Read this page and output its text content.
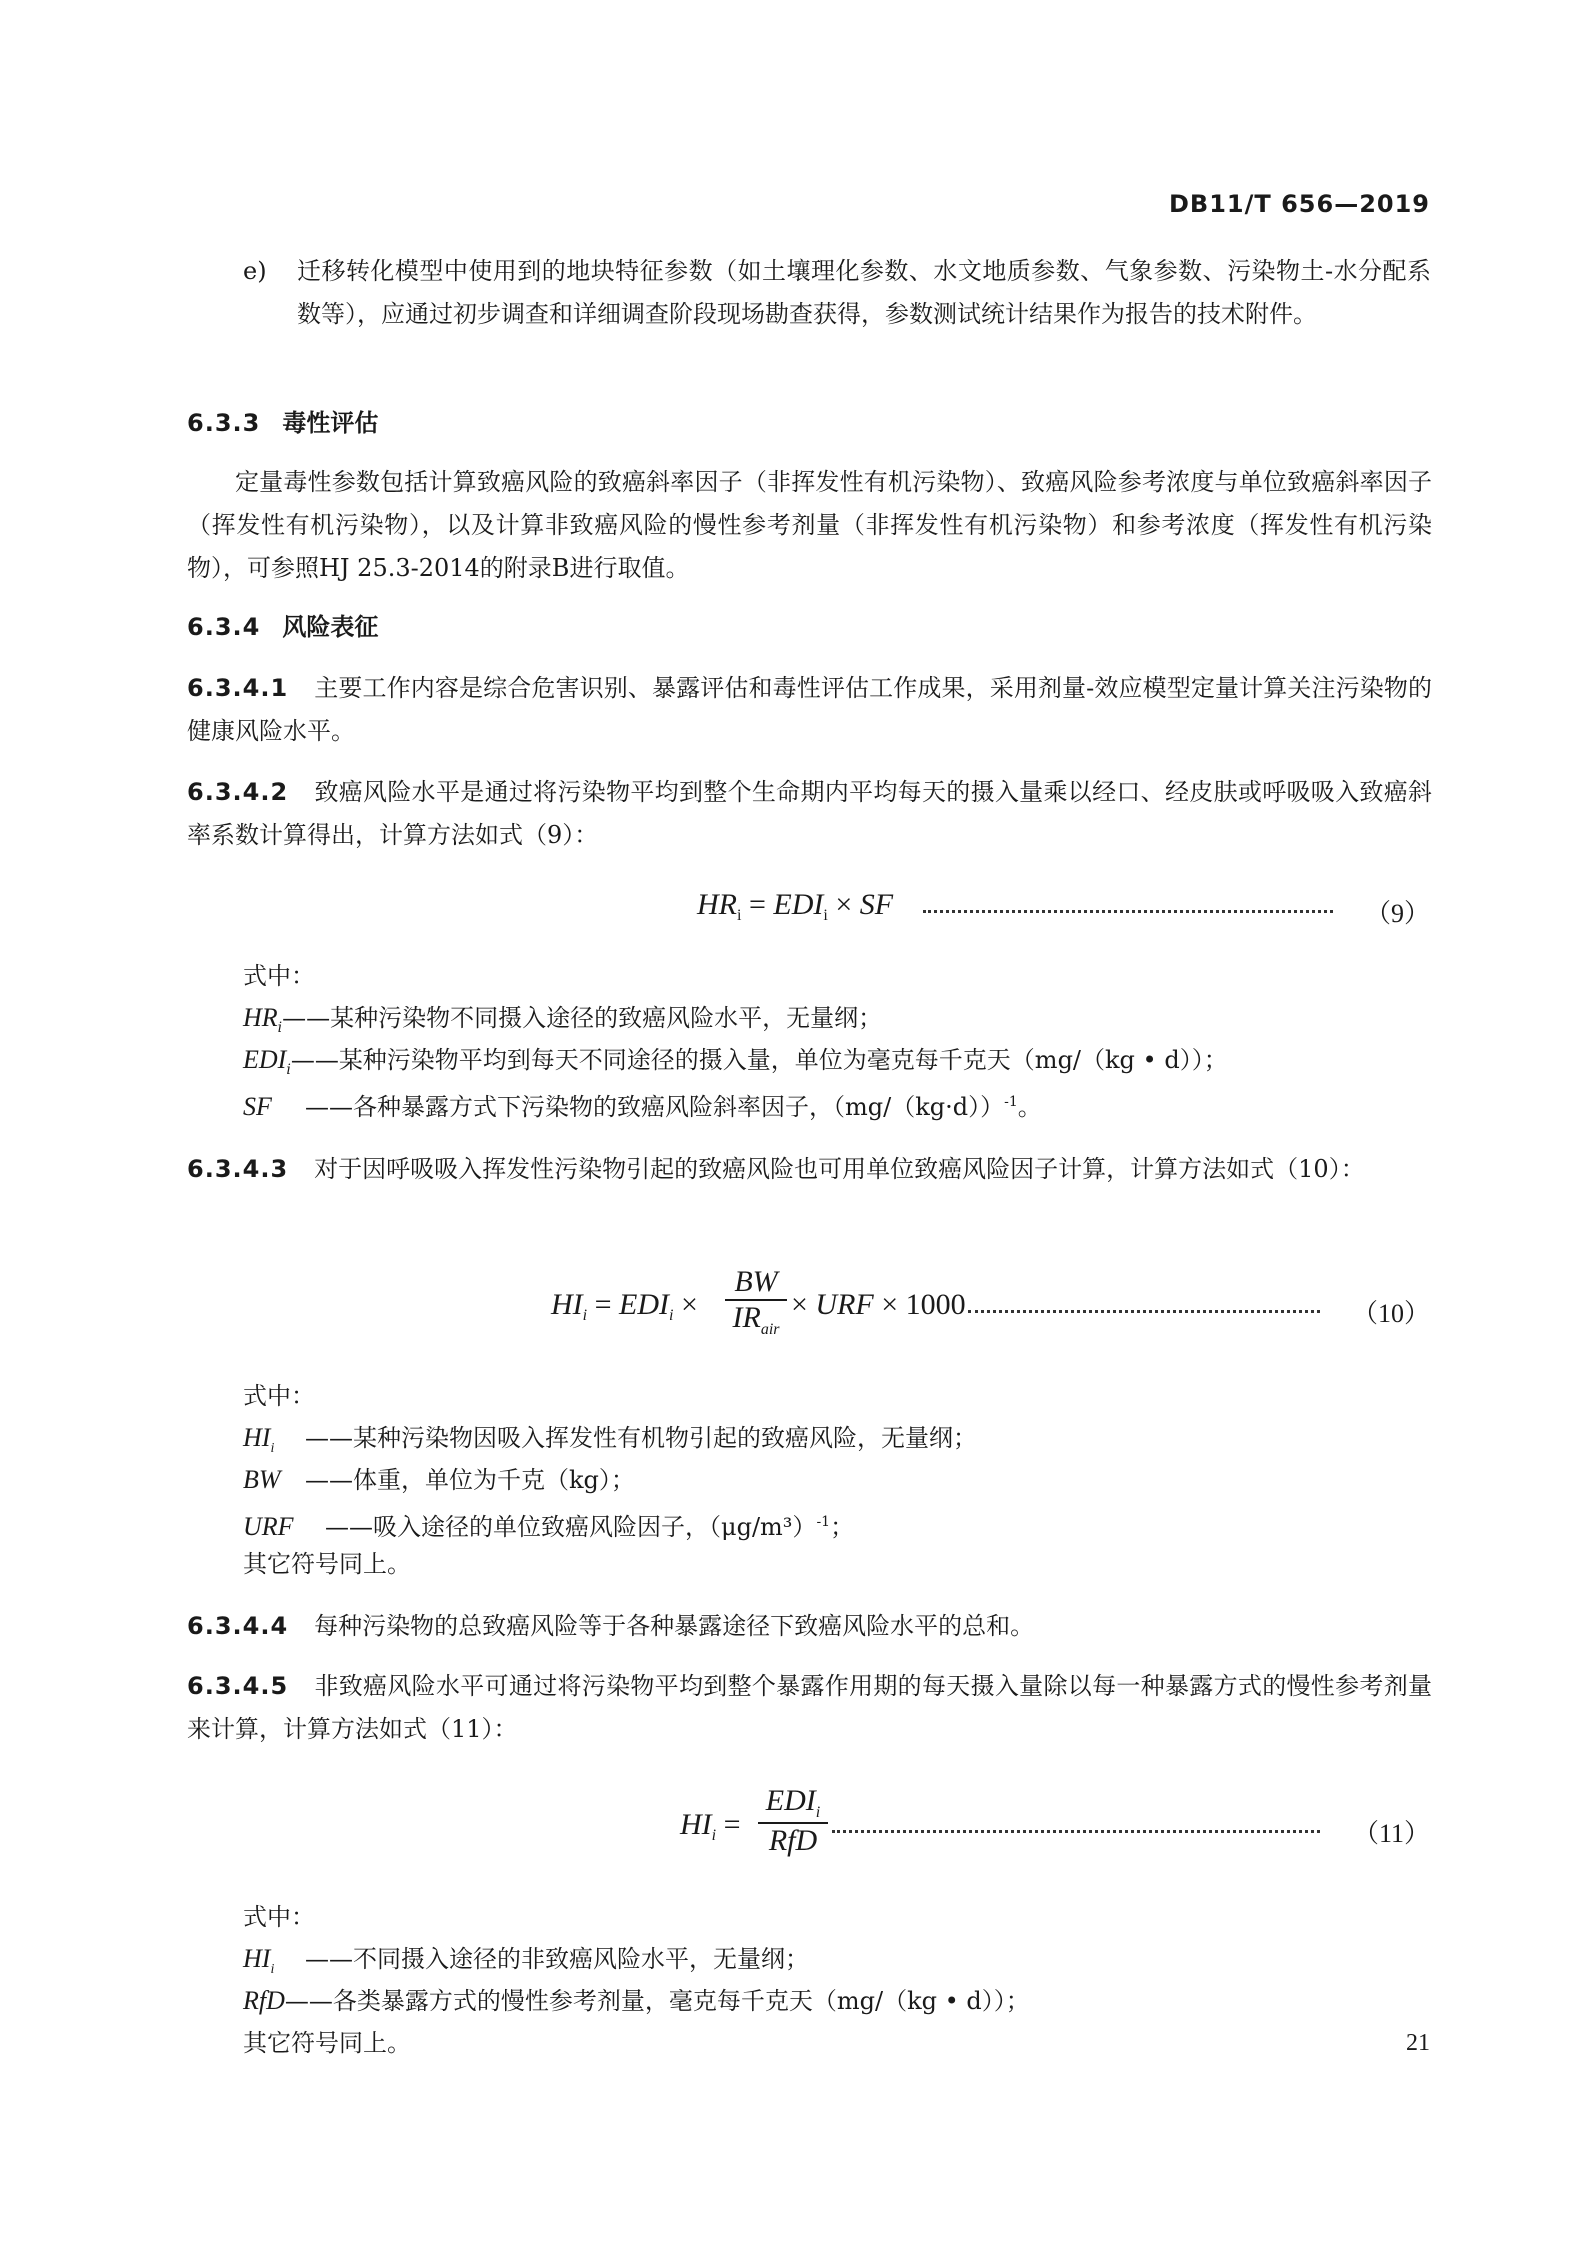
DB11/T 656—2019
e) 迁移转化模型中使用到的地块特征参数（如土壤理化参数、水文地质参数、气象参数、污染物土-水分配系数等），应通过初步调查和详细调查阶段现场勘查获得，参数测试统计结果作为报告的技术附件。
6.3.3 毒性评估
定量毒性参数包括计算致癌风险的致癌斜率因子（非挥发性有机污染物）、致癌风险参考浓度与单位致癌斜率因子（挥发性有机污染物），以及计算非致癌风险的慢性参考剂量（非挥发性有机污染物）和参考浓度（挥发性有机污染物），可参照HJ 25.3-2014的附录B进行取值。
6.3.4 风险表征
6.3.4.1 主要工作内容是综合危害识别、暴露评估和毒性评估工作成果，采用剂量-效应模型定量计算关注污染物的健康风险水平。
6.3.4.2 致癌风险水平是通过将污染物平均到整个生命期内平均每天的摄入量乘以经口、经皮肤或呼吸吸入致癌斜率系数计算得出，计算方法如式（9）：
$HR_i = EDI_i$ × SF	（9）
式中：
$HR_i——$某种污染物不同摄入途径的致癌风险水平，无量纲；
$EDI_i——$某种污染物平均到每天不同途径的摄入量，单位为毫克每千克天（mg/（kg • d））；
SF ——各种暴露方式下污染物的致癌风险斜率因子，$(mg/(kg\cdot d))^{-1}$。
6.3.4.3 对于因呼吸吸入挥发性污染物引起的致癌风险也可用单位致癌风险因子计算，计算方法如式（10）：
$HI_i = EDI_i$ ×
BW
$IR_{air}$
× URF × 1000	（10）
式中：
$HI_i$ ——某种污染物因吸入挥发性有机物引起的致癌风险，无量纲；
BW ——体重，单位为千克（kg）；
URF ——吸入途径的单位致癌风险因子，$(\mu g/m^3)^{-1}$；
其它符号同上。
6.3.4.4 每种污染物的总致癌风险等于各种暴露途径下致癌风险水平的总和。
6.3.4.5 非致癌风险水平可通过将污染物平均到整个暴露作用期的每天摄入量除以每一种暴露方式的慢性参考剂量来计算，计算方法如式（11）：
$HI_i$ =
$EDI_i$
RfD	（11）
式中：
$HI_i$ ——不同摄入途径的非致癌风险水平，无量纲；
RfD——各类暴露方式的慢性参考剂量，毫克每千克天（mg/（kg • d））；
其它符号同上。	21
